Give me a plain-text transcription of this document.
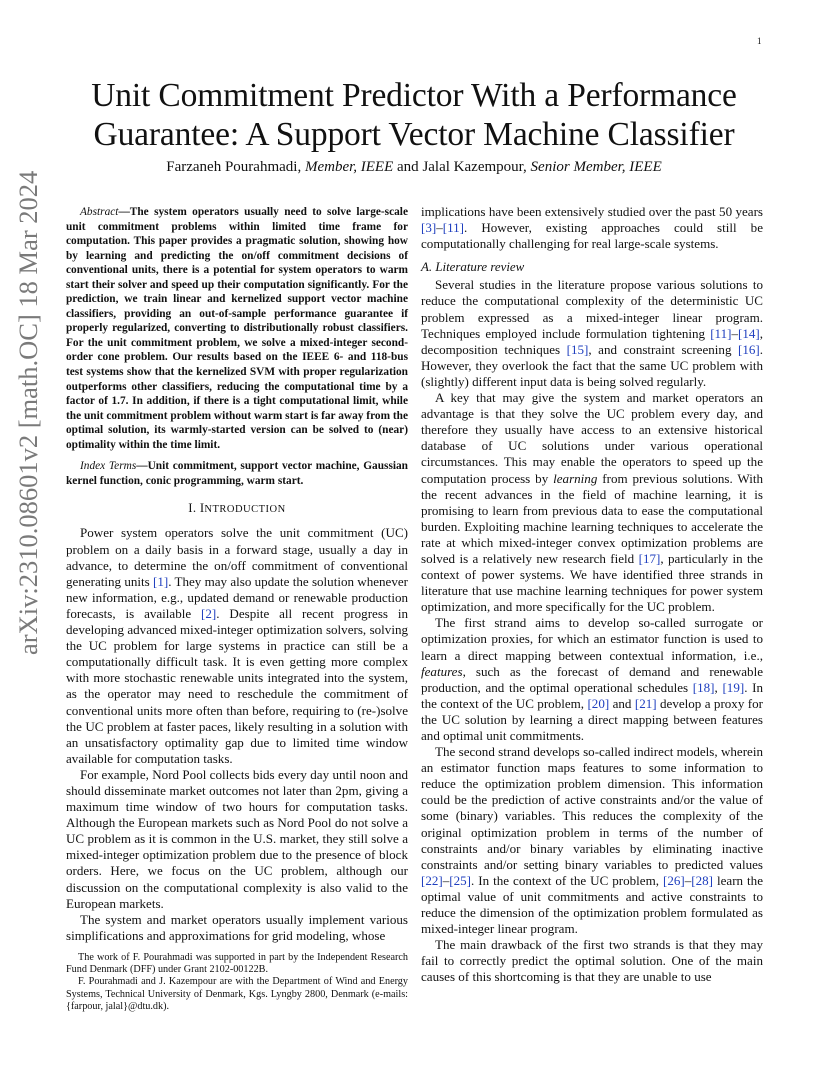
1
arXiv:2310.08601v2 [math.OC] 18 Mar 2024
Unit Commitment Predictor With a Performance Guarantee: A Support Vector Machine Classifier
Farzaneh Pourahmadi, Member, IEEE and Jalal Kazempour, Senior Member, IEEE
Abstract—The system operators usually need to solve large-scale unit commitment problems within limited time frame for computation. This paper provides a pragmatic solution, showing how by learning and predicting the on/off commitment decisions of conventional units, there is a potential for system operators to warm start their solver and speed up their computation significantly. For the prediction, we train linear and kernelized support vector machine classifiers, providing an out-of-sample performance guarantee if properly regularized, converting to distributionally robust classifiers. For the unit commitment problem, we solve a mixed-integer second-order cone problem. Our results based on the IEEE 6- and 118-bus test systems show that the kernelized SVM with proper regularization outperforms other classifiers, reducing the computational time by a factor of 1.7. In addition, if there is a tight computational limit, while the unit commitment problem without warm start is far away from the optimal solution, its warmly-started version can be solved to (near) optimality within the time limit.
Index Terms—Unit commitment, support vector machine, Gaussian kernel function, conic programming, warm start.
I. INTRODUCTION

Power system operators solve the unit commitment (UC) problem on a daily basis in a forward stage, usually a day in advance, to determine the on/off commitment of conventional generating units [1]. They may also update the solution whenever new information, e.g., updated demand or renewable production forecasts, is available [2]. Despite all recent progress in developing advanced mixed-integer optimization solvers, solving the UC problem for large systems in practice can still be a computationally difficult task. It is even getting more complex with more stochastic renewable units integrated into the system, as the operator may need to reschedule the commitment of conventional units more often than before, requiring to (re-)solve the UC problem at faster paces, likely resulting in a solution with an unsatisfactory optimality gap due to limited time window available for computation tasks.

For example, Nord Pool collects bids every day until noon and should disseminate market outcomes not later than 2pm, giving a maximum time window of two hours for computation tasks. Although the European markets such as Nord Pool do not solve a UC problem as it is common in the U.S. market, they still solve a mixed-integer optimization problem due to the presence of block orders. Here, we focus on the UC problem, although our discussion on the computational complexity is also valid to the European markets.

The system and market operators usually implement various simplifications and approximations for grid modeling, whose

The work of F. Pourahmadi was supported in part by the Independent Research Fund Denmark (DFF) under Grant 2102-00122B.

F. Pourahmadi and J. Kazempour are with the Department of Wind and Energy Systems, Technical University of Denmark, Kgs. Lyngby 2800, Denmark (e-mails: {farpour, jalal}@dtu.dk).

implications have been extensively studied over the past 50 years [3]–[11]. However, existing approaches could still be computationally challenging for real large-scale systems.

A. Literature review

Several studies in the literature propose various solutions to reduce the computational complexity of the deterministic UC problem expressed as a mixed-integer linear program. Techniques employed include formulation tightening [11]–[14], decomposition techniques [15], and constraint screening [16]. However, they overlook the fact that the same UC problem with (slightly) different input data is being solved regularly.

A key that may give the system and market operators an advantage is that they solve the UC problem every day, and therefore they usually have access to an extensive historical database of UC solutions under various operational circumstances. This may enable the operators to speed up the computation process by learning from previous solutions. With the recent advances in the field of machine learning, it is promising to learn from previous data to ease the computational burden. Exploiting machine learning techniques to accelerate the rate at which mixed-integer convex optimization problems are solved is a relatively new research field [17], particularly in the context of power systems. We have identified three strands in literature that use machine learning techniques for power system optimization, and more specifically for the UC problem.

The first strand aims to develop so-called surrogate or optimization proxies, for which an estimator function is used to learn a direct mapping between contextual information, i.e., features, such as the forecast of demand and renewable production, and the optimal operational schedules [18], [19]. In the context of the UC problem, [20] and [21] develop a proxy for the UC solution by learning a direct mapping between features and optimal unit commitments.

The second strand develops so-called indirect models, wherein an estimator function maps features to some information to reduce the optimization problem dimension. This information could be the prediction of active constraints and/or the value of some (binary) variables. This reduces the complexity of the original optimization problem in terms of the number of constraints and/or binary variables by eliminating inactive constraints and/or setting binary variables to predicted values [22]–[25]. In the context of the UC problem, [26]–[28] learn the optimal value of unit commitments and active constraints to reduce the dimension of the optimization problem formulated as mixed-integer linear program.

The main drawback of the first two strands is that they may fail to correctly predict the optimal solution. One of the main causes of this shortcoming is that they are unable to use
